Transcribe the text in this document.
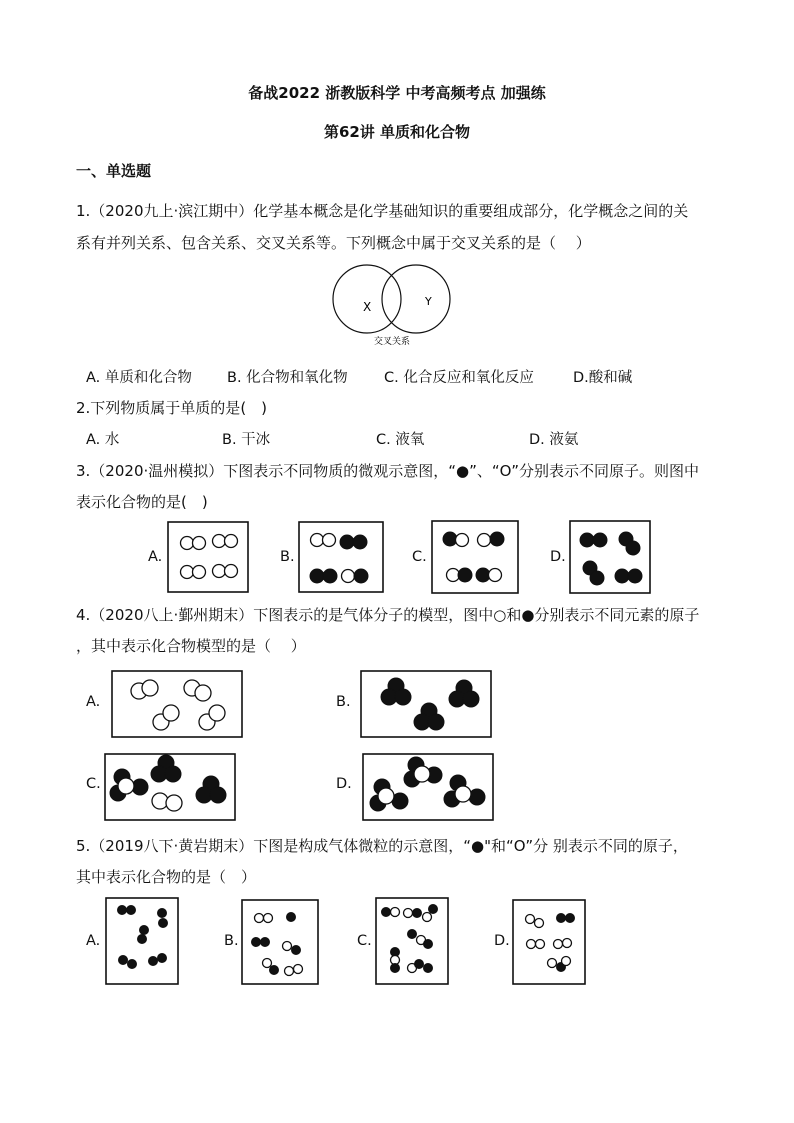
备战2022 浙教版科学 中考高频考点 加强练
第62讲 单质和化合物
一、单选题
1.（2020九上·滨江期中）化学基本概念是化学基础知识的重要组成部分，化学概念之间的关
系有并列关系、包含关系、交叉关系等。下列概念中属于交叉关系的是（　 ）
X	Y
交叉关系
A. 单质和化合物 B. 化合物和氧化物	C. 化合反应和氧化反应	D.酸和碱
2.下列物质属于单质的是(　)
A. 水	B. 干冰	C. 液氧	D. 液氨
3.（2020·温州模拟）下图表示不同物质的微观示意图，“●”、“O”分别表示不同原子。则图中
表示化合物的是(　)
A.	B.	C.	D.
4.（2020八上·鄞州期末）下图表示的是气体分子的模型，图中○和●分别表示不同元素的原子
，其中表示化合物模型的是（　 ）
A.	B.
C.	D.
5.（2019八下·黄岩期末）下图是构成气体微粒的示意图，“●"和“O”分 别表示不同的原子，
其中表示化合物的是（　）
A.	B.	C.	D.
